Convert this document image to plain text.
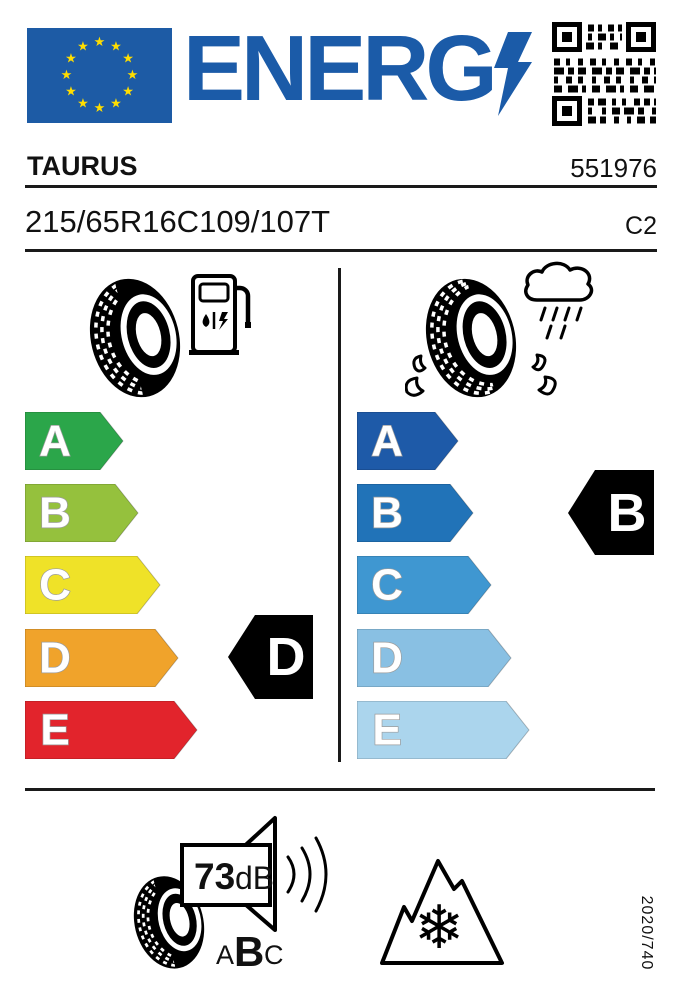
★ ★
★
★
★
★
★
★
★
★
★
★ ENERG
TAURUS	551976
215/65R16C109/107T	C2
A
B
C
D
E
D
A
B
C
D
E
B
73 dB
A B C ❄	2020/740
